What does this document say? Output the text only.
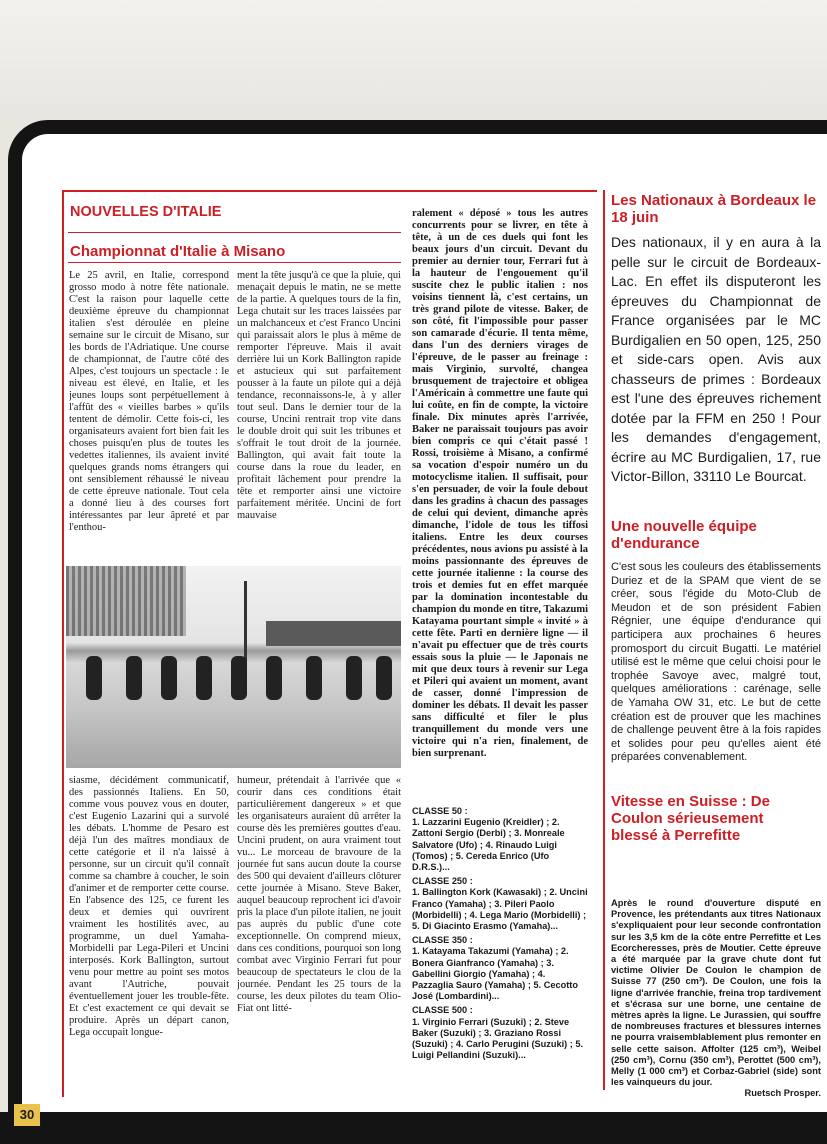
30
NOUVELLES D'ITALIE
Championnat d'Italie à Misano
Le 25 avril, en Italie, correspond grosso modo à notre fête nationale. C'est la raison pour laquelle cette deuxième épreuve du championnat italien s'est déroulée en pleine semaine sur le circuit de Misano, sur les bords de l'Adriatique. Une course de championnat, de l'autre côté des Alpes, c'est toujours un spectacle : le niveau est élevé, en Italie, et les jeunes loups sont perpétuellement à l'affût des « vieilles barbes » qu'ils tentent de démolir. Cette fois-ci, les organisateurs avaient fort bien fait les choses puisqu'en plus de toutes les vedettes italiennes, ils avaient invité quelques grands noms étrangers qui ont sensiblement réhaussé le niveau de cette épreuve nationale. Tout cela a donné lieu à des courses fort intéressantes par leur âpreté et par l'enthou-
ment la tête jusqu'à ce que la pluie, qui menaçait depuis le matin, ne se mette de la partie. A quelques tours de la fin, Lega chutait sur les traces laissées par un malchanceux et c'est Franco Uncini qui paraissait alors le plus à même de remporter l'épreuve. Mais il avait derrière lui un Kork Ballington rapide et astucieux qui sut parfaitement pousser à la faute un pilote qui a déjà tendance, reconnaissons-le, à y aller tout seul. Dans le dernier tour de la course, Uncini rentrait trop vite dans le double droit qui suit les tribunes et s'offrait le tout droit de la journée. Ballington, qui avait fait toute la course dans la roue du leader, en profitait lâchement pour prendre la tête et remporter ainsi une victoire parfaitement méritée. Uncini de fort mauvaise
ralement « déposé » tous les autres concurrents pour se livrer, en tête à tête, à un de ces duels qui font les beaux jours d'un circuit. Devant du premier au dernier tour, Ferrari fut à la hauteur de l'engouement qu'il suscite chez le public italien : nos voisins tiennent là, c'est certains, un très grand pilote de vitesse. Baker, de son côté, fit l'impossible pour passer son camarade d'écurie. Il tenta même, dans l'un des derniers virages de l'épreuve, de le passer au freinage : mais Virginio, survolté, changea brusquement de trajectoire et obligea l'Américain à commettre une faute qui lui coûte, en fin de compte, la victoire finale. Dix minutes après l'arrivée, Baker ne paraissait toujours pas avoir bien compris ce qui c'était passé ! Rossi, troisième à Misano, a confirmé sa vocation d'espoir numéro un du motocyclisme italien. Il suffisait, pour s'en persuader, de voir la foule debout dans les gradins à chacun des passages de celui qui devient, dimanche après dimanche, l'idole de tous les tiffosi italiens. Entre les deux courses précédentes, nous avions pu assisté à la moins passionnante des épreuves de cette journée italienne : la course des trois et demies fut en effet marquée par la domination incontestable du champion du monde en titre, Takazumi Katayama pourtant simple « invité » à cette fête. Parti en dernière ligne — il n'avait pu effectuer que de très courts essais sous la pluie — le Japonais ne mit que deux tours à revenir sur Lega et Pileri qui avaient un moment, avant de casser, donné l'impression de dominer les débats. Il devait les passer sans difficulté et filer le plus tranquillement du monde vers une victoire qui n'a rien, finalement, de bien surprenant.
siasme, décidément communicatif, des passionnés Italiens. En 50, comme vous pouvez vous en douter, c'est Eugenio Lazarini qui a survolé les débats. L'homme de Pesaro est déjà l'un des maîtres mondiaux de cette catégorie et il n'a laissé à personne, sur un circuit qu'il connaît comme sa chambre à coucher, le soin d'animer et de remporter cette course. En l'absence des 125, ce furent les deux et demies qui ouvrirent vraiment les hostilités avec, au programme, un duel Yamaha-Morbidelli par Lega-Pileri et Uncini interposés. Kork Ballington, surtout venu pour mettre au point ses motos avant l'Autriche, pouvait éventuellement jouer les trouble-fête. Et c'est exactement ce qui devait se produire. Après un départ canon, Lega occupait longue-
humeur, prétendait à l'arrivée que « courir dans ces conditions était particulièrement dangereux » et que les organisateurs auraient dû arrêter la course dès les premières gouttes d'eau. Uncini prudent, on aura vraiment tout vu... Le morceau de bravoure de la journée fut sans aucun doute la course des 500 qui devaient d'ailleurs clôturer cette journée à Misano. Steve Baker, auquel beaucoup reprochent ici d'avoir pris la place d'un pilote italien, ne jouit pas auprès du public d'une cote exceptionnelle. On comprend mieux, dans ces conditions, pourquoi son long combat avec Virginio Ferrari fut pour beaucoup de spectateurs le clou de la journée. Pendant les 25 tours de la course, les deux pilotes du team Olio-Fiat ont litté-
CLASSE 50 :
1. Lazzarini Eugenio (Kreidler) ; 2. Zattoni Sergio (Derbi) ; 3. Monreale Salvatore (Ufo) ; 4. Rinaudo Luigi (Tomos) ; 5. Cereda Enrico (Ufo D.R.S.)...
CLASSE 250 :
1. Ballington Kork (Kawasaki) ; 2. Uncini Franco (Yamaha) ; 3. Pileri Paolo (Morbidelli) ; 4. Lega Mario (Morbidelli) ; 5. Di Giacinto Erasmo (Yamaha)...
CLASSE 350 :
1. Katayama Takazumi (Yamaha) ; 2. Bonera Gianfranco (Yamaha) ; 3. Gabellini Giorgio (Yamaha) ; 4. Pazzaglia Sauro (Yamaha) ; 5. Cecotto José (Lombardini)...
CLASSE 500 :
1. Virginio Ferrari (Suzuki) ; 2. Steve Baker (Suzuki) ; 3. Graziano Rossi (Suzuki) ; 4. Carlo Perugini (Suzuki) ; 5. Luigi Pellandini (Suzuki)...
Les Nationaux à Bordeaux le 18 juin
Des nationaux, il y en aura à la pelle sur le circuit de Bordeaux-Lac. En effet ils disputeront les épreuves du Championnat de France organisées par le MC Burdigalien en 50 open, 125, 250 et side-cars open. Avis aux chasseurs de primes : Bordeaux est l'une des épreuves richement dotée par la FFM en 250 ! Pour les demandes d'engagement, écrire au MC Burdigalien, 17, rue Victor-Billon, 33110 Le Bourcat.
Une nouvelle équipe d'endurance
C'est sous les couleurs des établissements Duriez et de la SPAM que vient de se créer, sous l'égide du Moto-Club de Meudon et de son président Fabien Régnier, une équipe d'endurance qui participera aux prochaines 6 heures promosport du circuit Bugatti. Le matériel utilisé est le même que celui choisi pour le trophée Savoye avec, malgré tout, quelques améliorations : carénage, selle de Yamaha OW 31, etc. Le but de cette création est de prouver que les machines de challenge peuvent être à la fois rapides et solides pour peu qu'elles aient été préparées convenablement.
Vitesse en Suisse : De Coulon sérieusement blessé à Perrefitte
Après le round d'ouverture disputé en Provence, les prétendants aux titres Nationaux s'expliquaient pour leur seconde confrontation sur les 3,5 km de la côte entre Perrefitte et Les Ecorcheresses, près de Moutier. Cette épreuve a été marquée par la grave chute dont fut victime Olivier De Coulon le champion de Suisse 77 (250 cm³). De Coulon, une fois la ligne d'arrivée franchie, freina trop tardivement et s'écrasa sur une borne, une centaine de mètres après la ligne. Le Jurassien, qui souffre de nombreuses fractures et blessures internes ne pourra vraisemblablement plus remonter en selle cette saison. Affolter (125 cm³), Weibel (250 cm³), Cornu (350 cm³), Perottet (500 cm³), Melly (1 000 cm³) et Corbaz-Gabriel (side) sont les vainqueurs du jour.
Ruetsch Prosper.
